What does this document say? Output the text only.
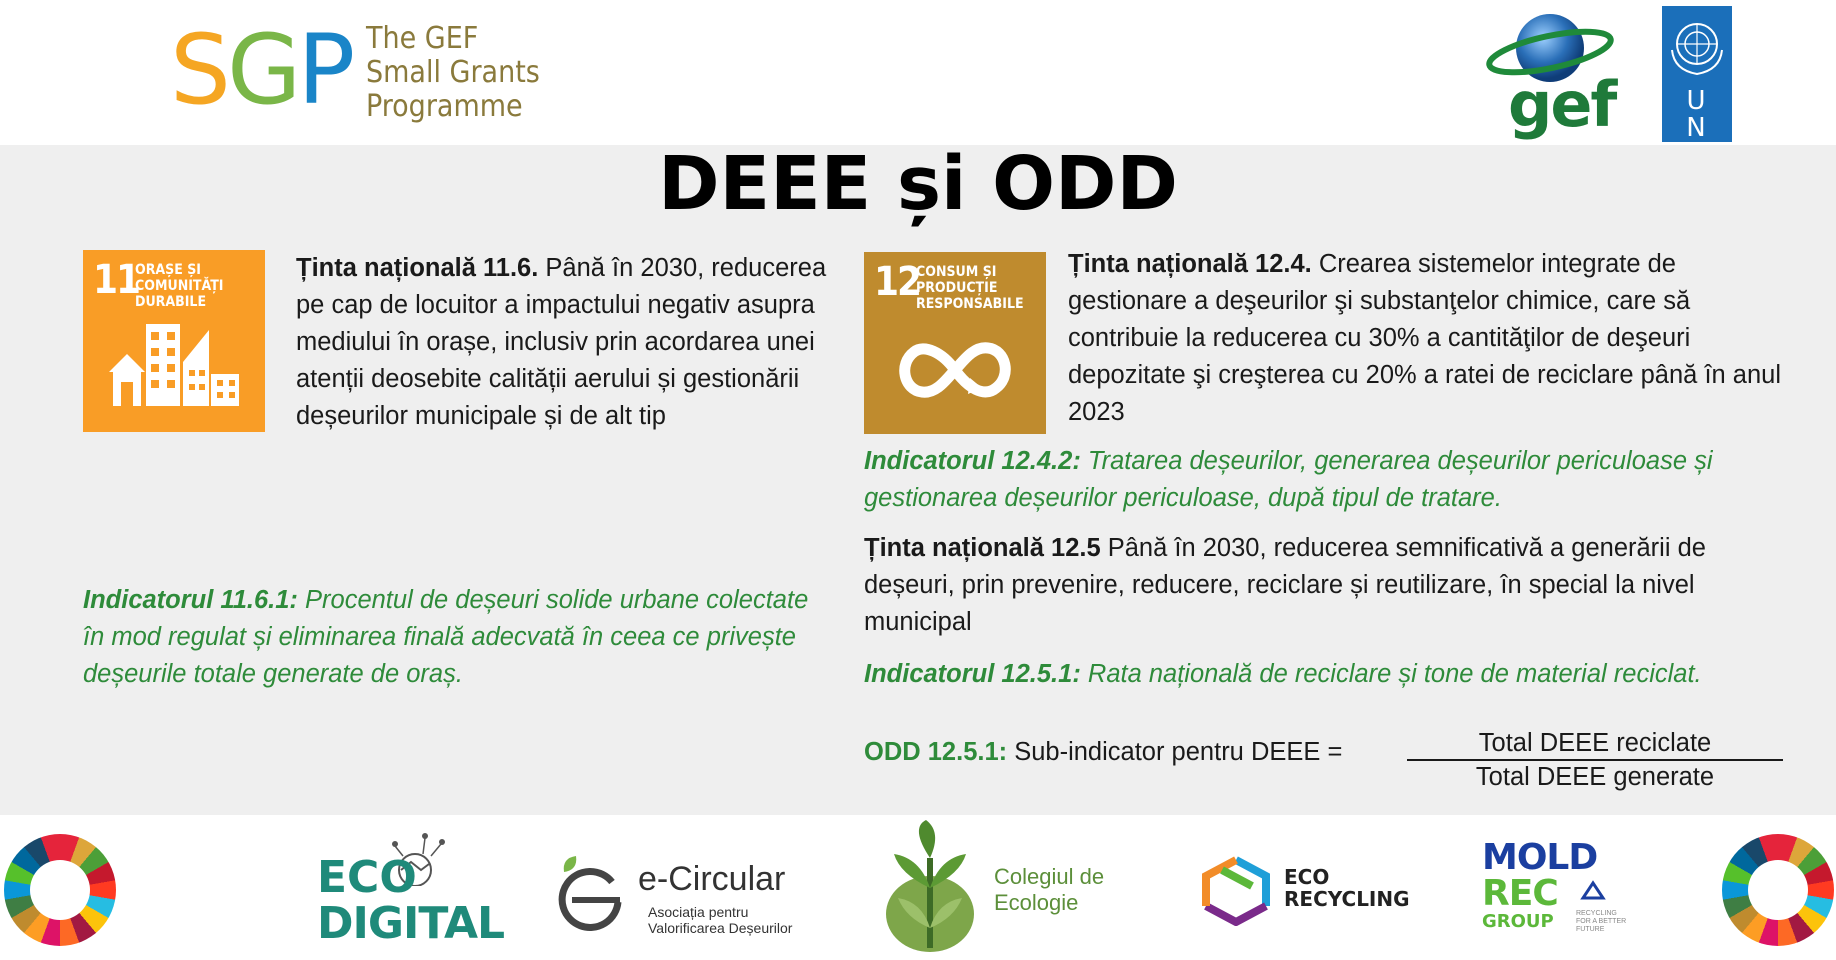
SGP The GEF
Small Grants
Programme	gef	U N
DEEE și ODD
11
ORAȘE ȘI COMUNITĂȚI
DURABILE
Ținta națională 11.6. Până în 2030, reducerea pe cap de locuitor a impactului negativ asupra mediului în orașe, inclusiv prin acordarea unei atenții deosebite calității aerului și gestionării deșeurilor municipale și de alt tip
Indicatorul 11.6.1: Procentul de deșeuri solide urbane colectate în mod regulat și eliminarea finală adecvată în ceea ce privește deșeurile totale generate de oraș.
12
CONSUM ȘI
PRODUCȚIE
RESPONSABILE
Ținta națională 12.4. Crearea sistemelor integrate de gestionare a deşeurilor şi substanţelor chimice, care să contribuie la reducerea cu 30% a cantităţilor de deşeuri depozitate şi creşterea cu 20% a ratei de reciclare până în anul 2023
Indicatorul 12.4.2: Tratarea deșeurilor, generarea deșeurilor periculoase și gestionarea deșeurilor periculoase, după tipul de tratare.
Ținta națională 12.5 Până în 2030, reducerea semnificativă a generării de deșeuri, prin prevenire, reducere, reciclare și reutilizare, în special la nivel municipal
Indicatorul 12.5.1: Rata națională de reciclare și tone de material reciclat.
ODD 12.5.1: Sub-indicator pentru DEEE =	Total DEEE reciclate
Total DEEE generate
ECO
DIGITAL
e-Circular
Asociația pentru
Valorificarea Deșeurilor
Colegiul de
Ecologie
ECO
RECYCLING
MOLD
REC
GROUP	RECYCLING
FOR A BETTER
FUTURE
